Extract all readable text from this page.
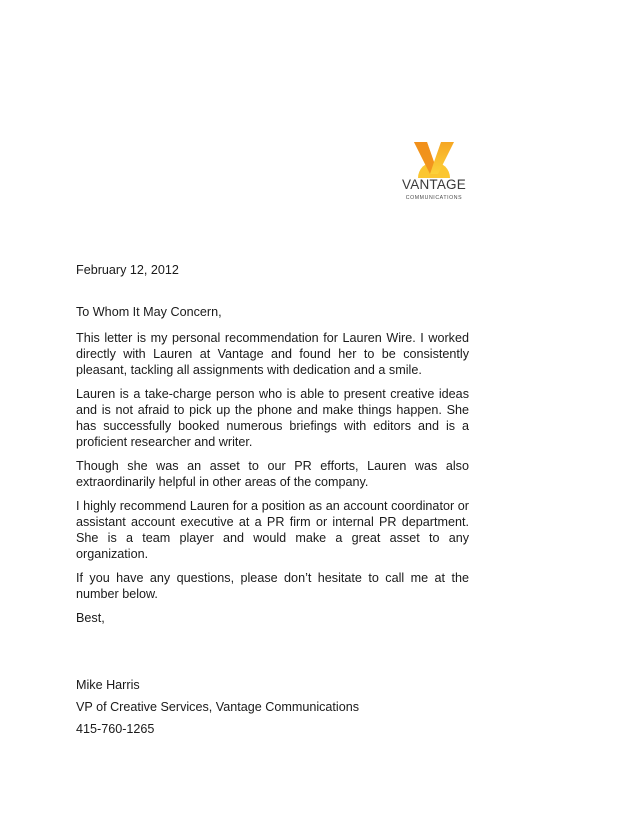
VANTAGE
COMMUNICATIONS

February 12, 2012

To Whom It May Concern,

This letter is my personal recommendation for Lauren Wire. I worked directly with Lauren at Vantage and found her to be consistently pleasant, tackling all assignments with dedication and a smile.

Lauren is a take-charge person who is able to present creative ideas and is not afraid to pick up the phone and make things happen. She has successfully booked numerous briefings with editors and is a proficient researcher and writer.

Though she was an asset to our PR efforts, Lauren was also extraordinarily helpful in other areas of the company.

I highly recommend Lauren for a position as an account coordinator or assistant account executive at a PR firm or internal PR department. She is a team player and would make a great asset to any organization.

If you have any questions, please don’t hesitate to call me at the number below.

Best,

Mike Harris

VP of Creative Services, Vantage Communications

415-760-1265
